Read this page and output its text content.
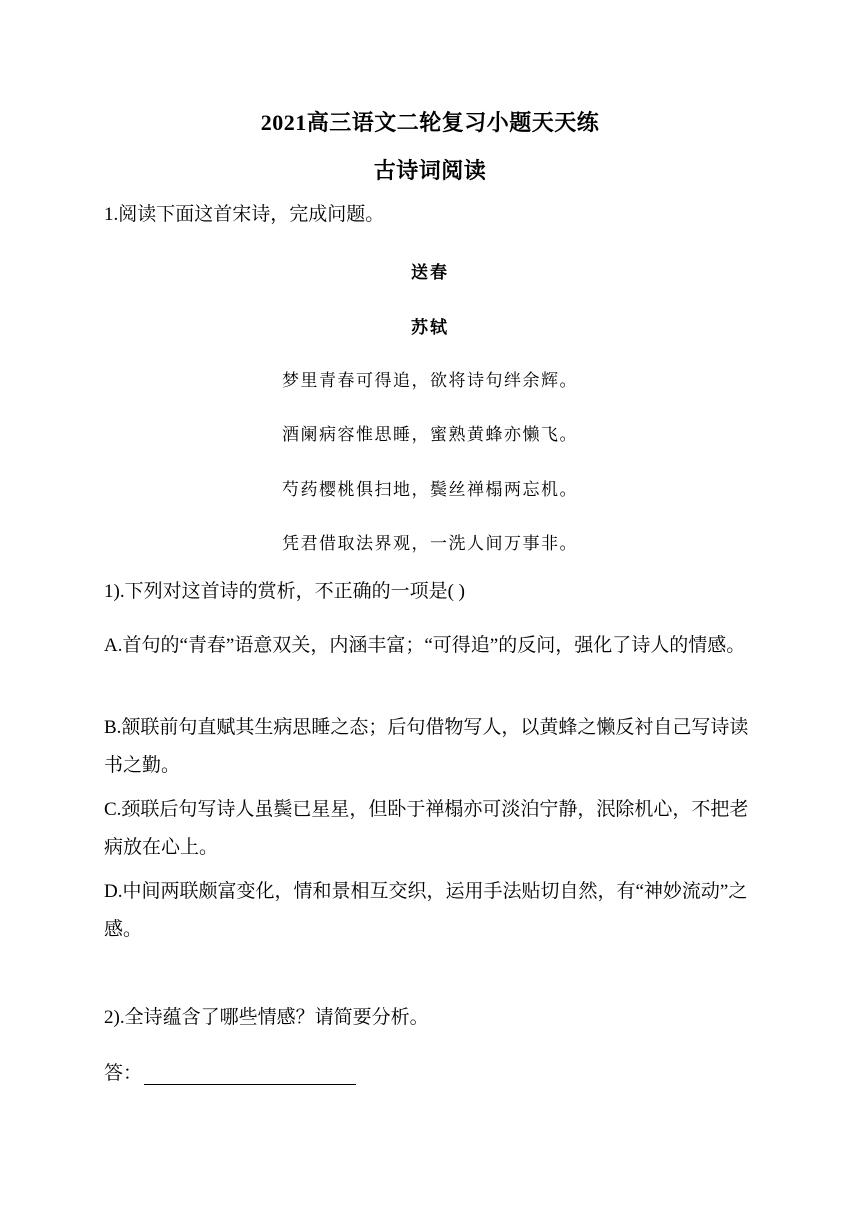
2021高三语文二轮复习小题天天练
古诗词阅读
1.阅读下面这首宋诗，完成问题。
送春
苏轼
梦里青春可得追，欲将诗句绊余辉。
酒阑病容惟思睡，蜜熟黄蜂亦懒飞。
芍药樱桃俱扫地，鬓丝禅榻两忘机。
凭君借取法界观，一洗人间万事非。
1).下列对这首诗的赏析，不正确的一项是( )
A.首句的“青春”语意双关，内涵丰富；“可得追”的反问，强化了诗人的情感。
B.颔联前句直赋其生病思睡之态；后句借物写人，以黄蜂之懒反衬自己写诗读书之勤。
C.颈联后句写诗人虽鬓已星星，但卧于禅榻亦可淡泊宁静，泯除机心，不把老病放在心上。
D.中间两联颇富变化，情和景相互交织，运用手法贴切自然，有“神妙流动”之感。
2).全诗蕴含了哪些情感？请简要分析。
答：
